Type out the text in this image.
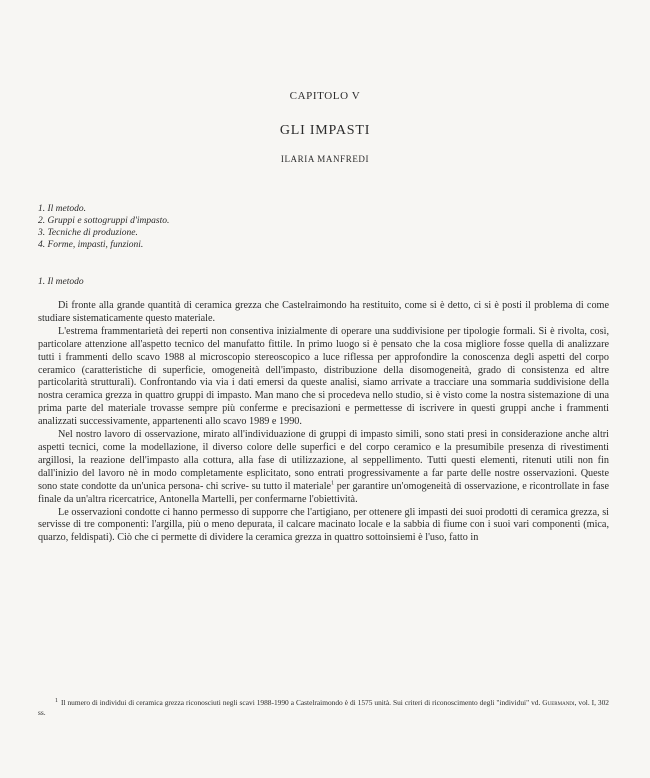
CAPITOLO V
GLI IMPASTI
ILARIA MANFREDI
1. Il metodo.
2. Gruppi e sottogruppi d'impasto.
3. Tecniche di produzione.
4. Forme, impasti, funzioni.
1. Il metodo

Di fronte alla grande quantità di ceramica grezza che Castelraimondo ha restituito, come si è detto, ci si è posti il problema di come studiare sistematicamente questo materiale.

L'estrema frammentarietà dei reperti non consentiva inizialmente di operare una suddivisione per tipologie formali. Si è rivolta, così, particolare attenzione all'aspetto tecnico del manufatto fittile. In primo luogo si è pensato che la cosa migliore fosse quella di analizzare tutti i frammenti dello scavo 1988 al microscopio stereoscopico a luce riflessa per approfondire la conoscenza degli aspetti del corpo ceramico (caratteristiche di superficie, omogeneità dell'impasto, distribuzione della disomogeneità, grado di consistenza ed altre particolarità strutturali). Confrontando via via i dati emersi da queste analisi, siamo arrivate a tracciare una sommaria suddivisione della nostra ceramica grezza in quattro gruppi di impasto. Man mano che si procedeva nello studio, si è visto come la nostra sistemazione di una prima parte del materiale trovasse sempre più conferme e precisazioni e permettesse di iscrivere in questi gruppi anche i frammenti analizzati successivamente, appartenenti allo scavo 1989 e 1990.

Nel nostro lavoro di osservazione, mirato all'individuazione di gruppi di impasto simili, sono stati presi in considerazione anche altri aspetti tecnici, come la modellazione, il diverso colore delle superfici e del corpo ceramico e la presumibile presenza di rivestimenti argillosi, la reazione dell'impasto alla cottura, alla fase di utilizzazione, al seppellimento. Tutti questi elementi, ritenuti utili non fin dall'inizio del lavoro nè in modo completamente esplicitato, sono entrati progressivamente a far parte delle nostre osservazioni. Queste sono state condotte da un'unica persona- chi scrive- su tutto il materiale$^1$ per garantire un'omogeneità di osservazione, e ricontrollate in fase finale da un'altra ricercatrice, Antonella Martelli, per confermarne l'obiettività.

Le osservazioni condotte ci hanno permesso di supporre che l'artigiano, per ottenere gli impasti dei suoi prodotti di ceramica grezza, si servisse di tre componenti: l'argilla, più o meno depurata, il calcare macinato locale e la sabbia di fiume con i suoi vari componenti (mica, quarzo, feldispati). Ciò che ci permette di dividere la ceramica grezza in quattro sottoinsiemi è l'uso, fatto in

1 Il numero di individui di ceramica grezza riconosciuti negli scavi 1988-1990 a Castelraimondo è di 1575 unità. Sui criteri di riconoscimento degli "individui" vd. Guermandi, vol. I, 302 ss.
